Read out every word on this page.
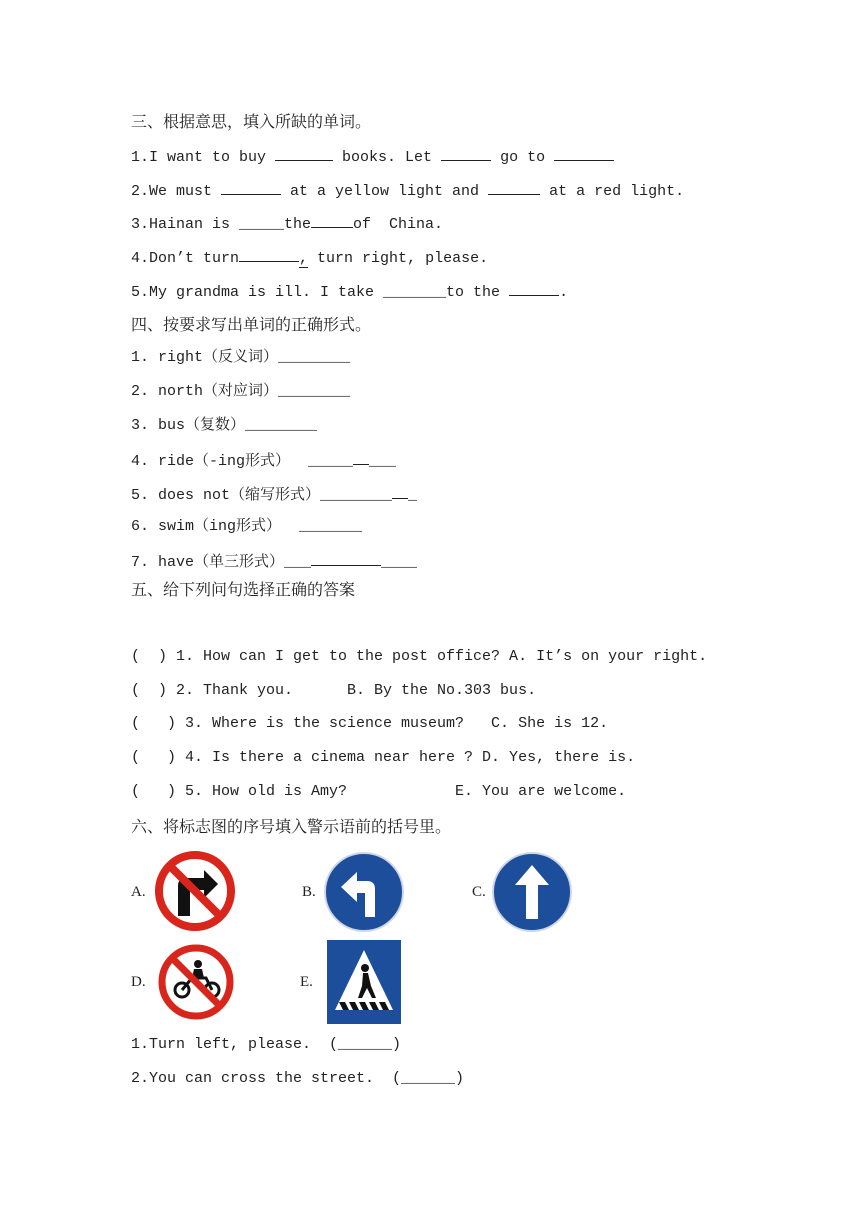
三、根据意思，填入所缺的单词。
1.I want to buy	books. Let	go to
2.We must	at a yellow light and	at a red light.
3.Hainan is _____the	of  China.
4.Don’t turn	, turn right, please.
5.My grandma is ill. I take _______to the	.
四、按要求写出单词的正确形式。
1. right（反义词）________
2. north（对应词）________
3. bus（复数）________
4. ride（-ing形式）  _____ ___
5. does not（缩写形式）________ _
6. swim（ing形式）  _______
7. have（单三形式）___	____
五、给下列问句选择正确的答案
(  ) 1. How can I get to the post office? A. It’s on your right.
(  ) 2. Thank you.      B. By the No.303 bus.
(   ) 3. Where is the science museum?   C. She is 12.
(   ) 4. Is there a cinema near here ? D. Yes, there is.
(   ) 5. How old is Amy?            E. You are welcome.
六、将标志图的序号填入警示语前的括号里。
A.	B.	C.
D.	E.
1.Turn left, please.  (______)
2.You can cross the street.  (______)
